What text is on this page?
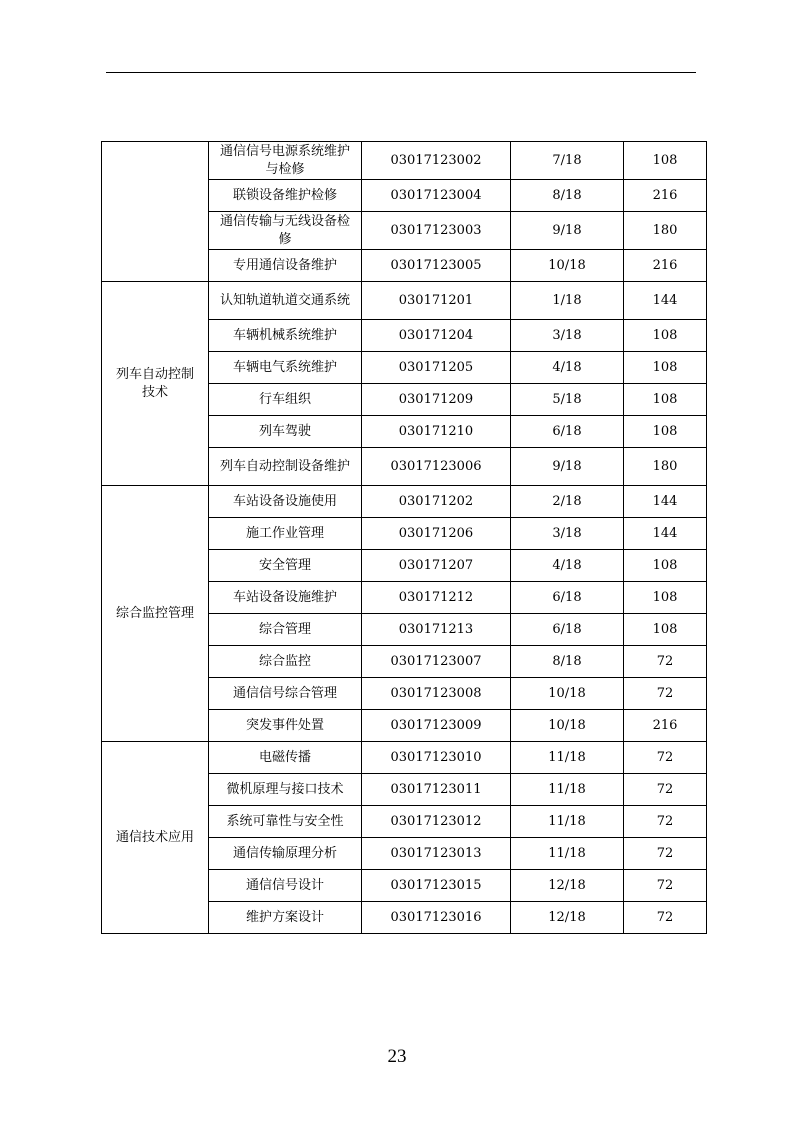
	通信信号电源系统维护与检修	03017123002	7/18	108
	联锁设备维护检修	03017123004	8/18	216
	通信传输与无线设备检修	03017123003	9/18	180
	专用通信设备维护	03017123005	10/18	216
列车自动控制技术	认知轨道轨道交通系统	030171201	1/18	144
	车辆机械系统维护	030171204	3/18	108
	车辆电气系统维护	030171205	4/18	108
	行车组织	030171209	5/18	108
	列车驾驶	030171210	6/18	108
	列车自动控制设备维护	03017123006	9/18	180
综合监控管理	车站设备设施使用	030171202	2/18	144
	施工作业管理	030171206	3/18	144
	安全管理	030171207	4/18	108
	车站设备设施维护	030171212	6/18	108
	综合管理	030171213	6/18	108
	综合监控	03017123007	8/18	72
	通信信号综合管理	03017123008	10/18	72
	突发事件处置	03017123009	10/18	216
通信技术应用	电磁传播	03017123010	11/18	72
	微机原理与接口技术	03017123011	11/18	72
	系统可靠性与安全性	03017123012	11/18	72
	通信传输原理分析	03017123013	11/18	72
	通信信号设计	03017123015	12/18	72
	维护方案设计	03017123016	12/18	72
23
